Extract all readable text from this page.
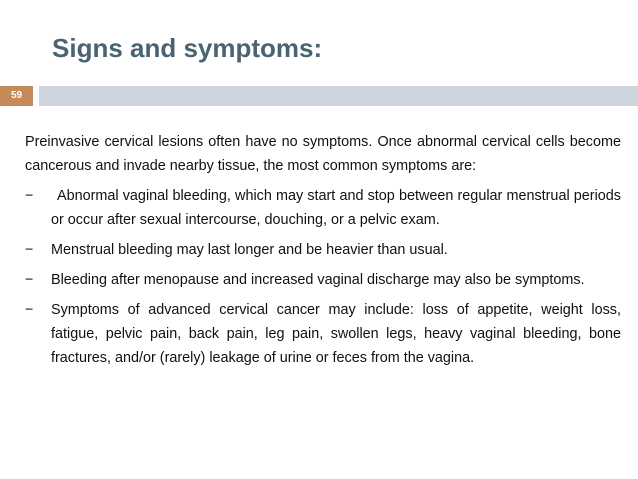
Signs and symptoms:
59
Preinvasive cervical lesions often have no symptoms. Once abnormal cervical cells become cancerous and invade nearby tissue, the most common symptoms are:
−	Abnormal vaginal bleeding, which may start and stop between regular menstrual periods or occur after sexual intercourse, douching, or a pelvic exam.
−	Menstrual bleeding may last longer and be heavier than usual.
−	Bleeding after menopause and increased vaginal discharge may also be symptoms.
−	Symptoms of advanced cervical cancer may include: loss of appetite, weight loss, fatigue, pelvic pain, back pain, leg pain, swollen legs, heavy vaginal bleeding, bone fractures, and/or (rarely) leakage of urine or feces from the vagina.
